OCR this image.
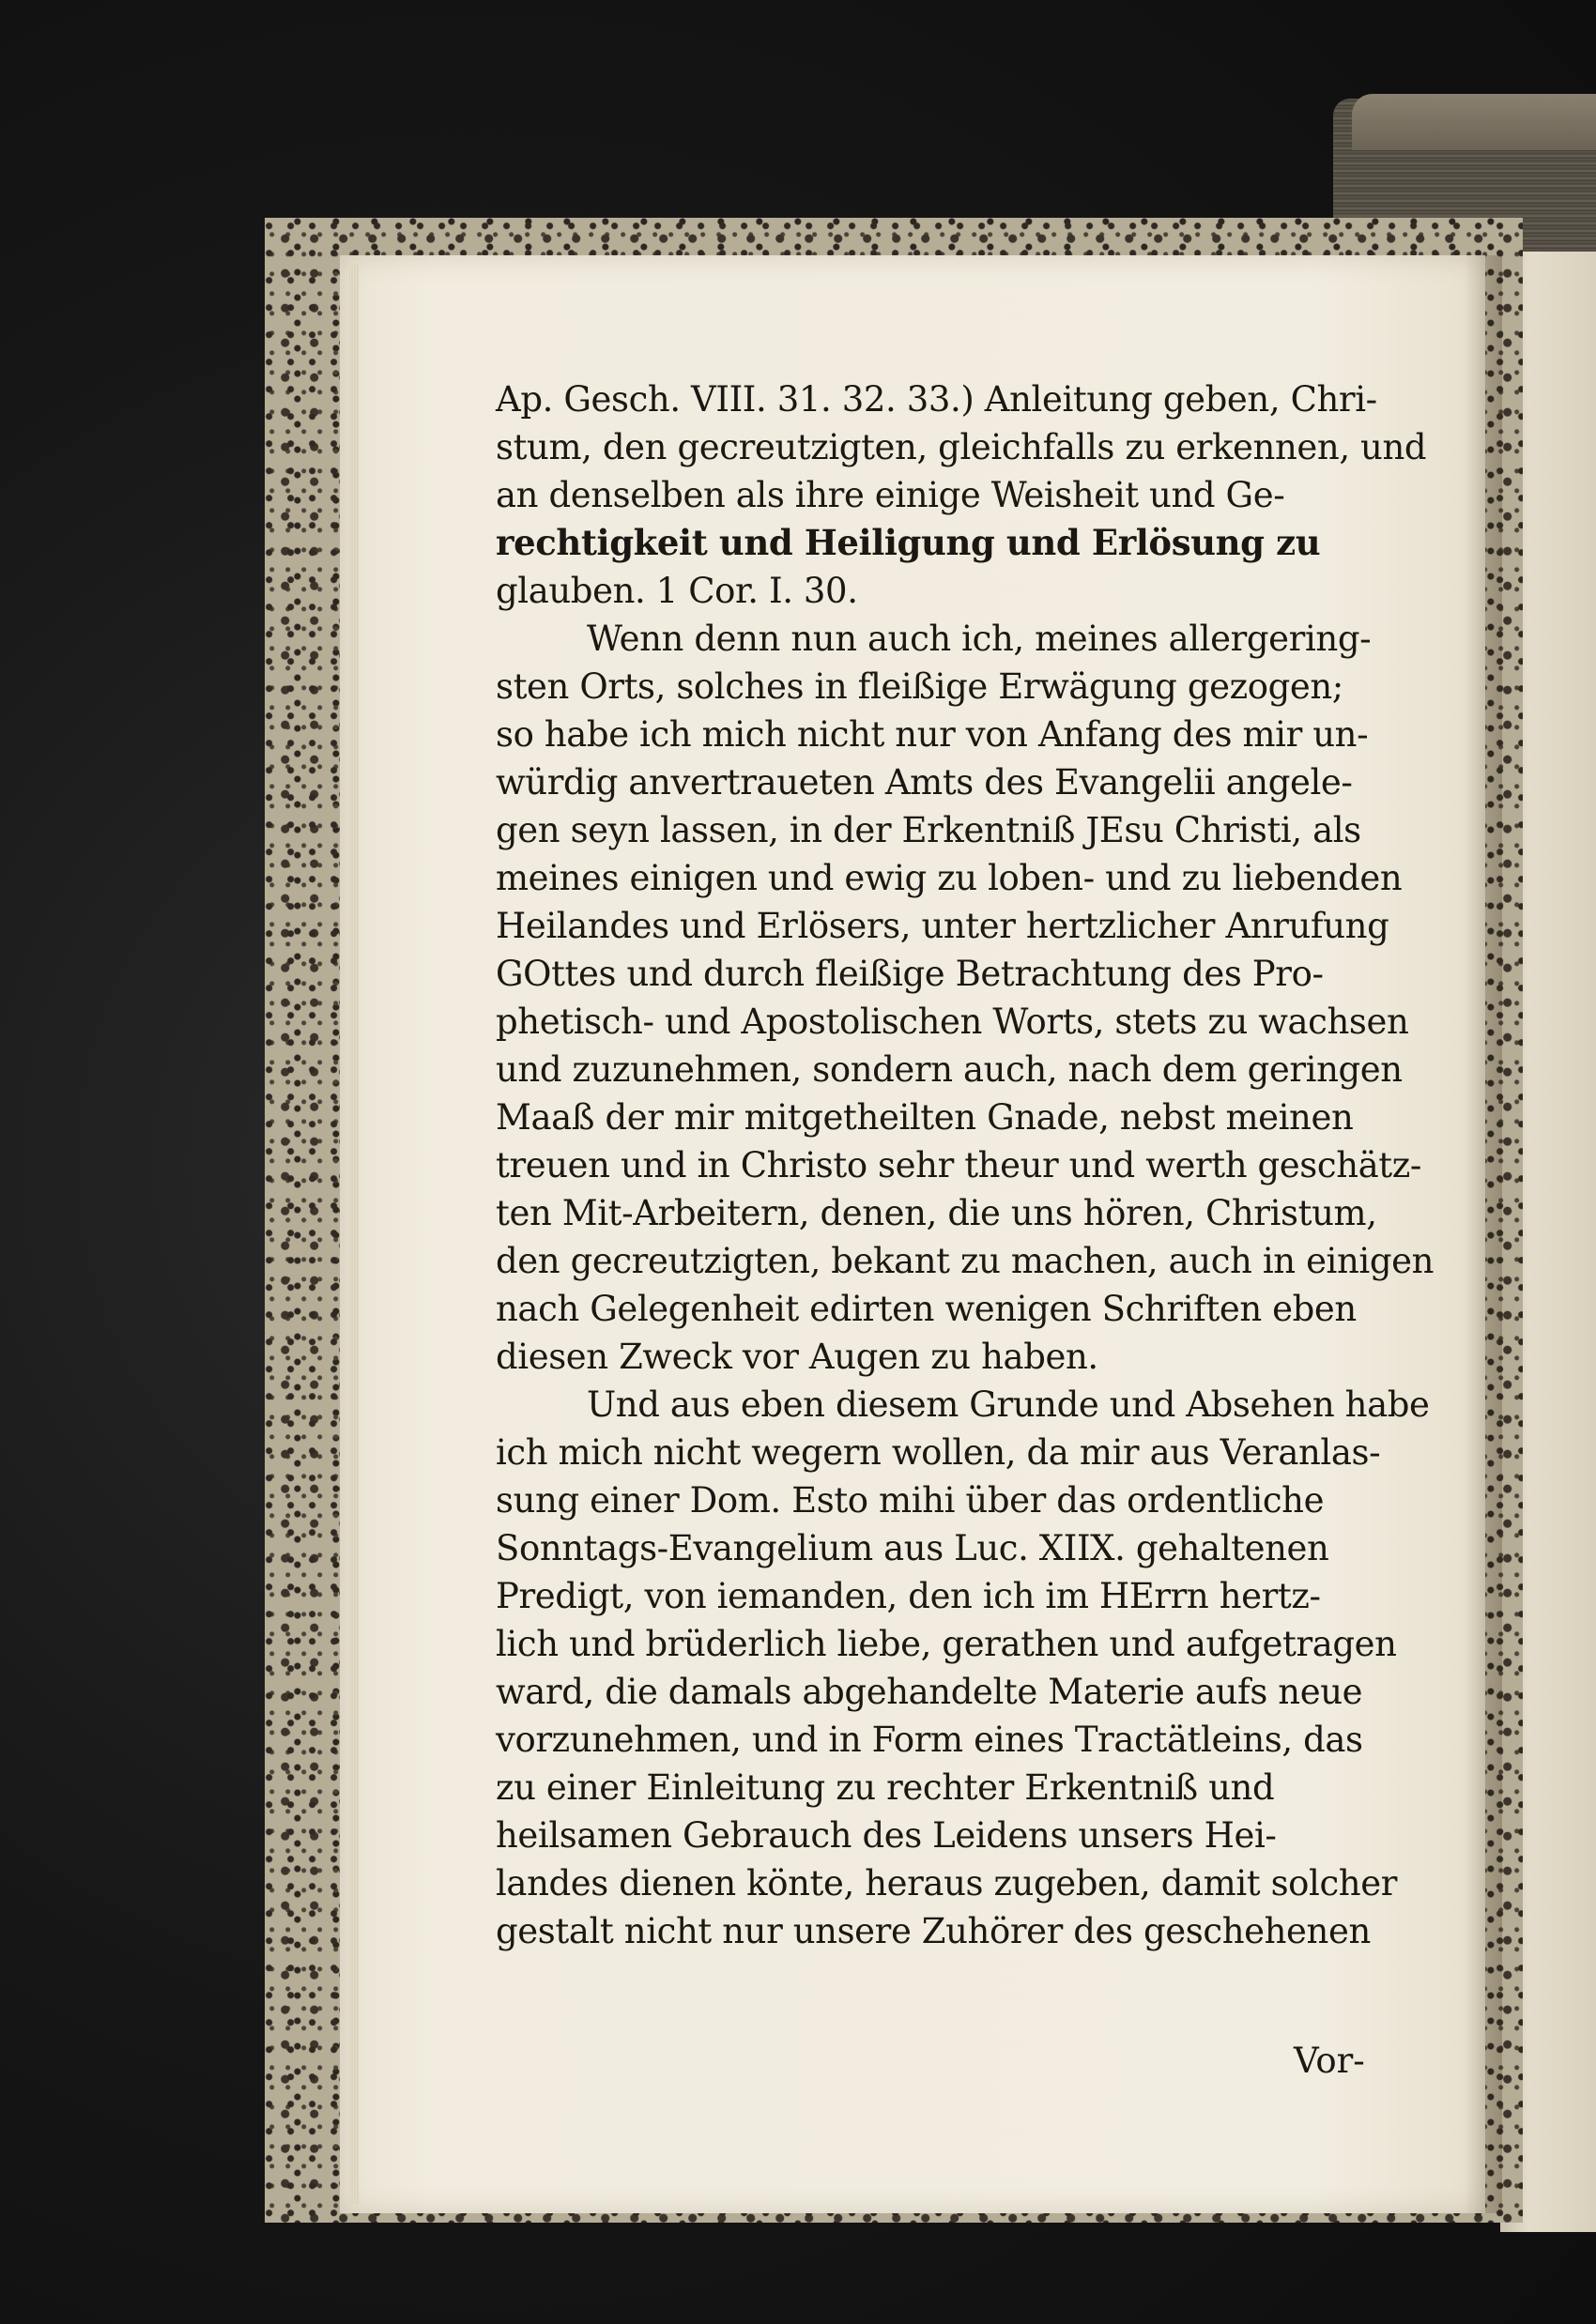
Ap. Gesch. VIII. 31. 32. 33.) Anleitung geben, Chri-
stum, den gecreutzigten, gleichfalls zu erkennen, und
an denselben als ihre einige Weisheit und Ge-
rechtigkeit und Heiligung und Erlösung zu
glauben. 1 Cor. I. 30.
Wenn denn nun auch ich, meines allergering-
sten Orts, solches in fleißige Erwägung gezogen;
so habe ich mich nicht nur von Anfang des mir un-
würdig anvertraueten Amts des Evangelii angele-
gen seyn lassen, in der Erkentniß JEsu Christi, als
meines einigen und ewig zu loben- und zu liebenden
Heilandes und Erlösers, unter hertzlicher Anrufung
GOttes und durch fleißige Betrachtung des Pro-
phetisch- und Apostolischen Worts, stets zu wachsen
und zuzunehmen, sondern auch, nach dem geringen
Maaß der mir mitgetheilten Gnade, nebst meinen
treuen und in Christo sehr theur und werth geschätz-
ten Mit-Arbeitern, denen, die uns hören, Christum,
den gecreutzigten, bekant zu machen, auch in einigen
nach Gelegenheit edirten wenigen Schriften eben
diesen Zweck vor Augen zu haben.
Und aus eben diesem Grunde und Absehen habe
ich mich nicht wegern wollen, da mir aus Veranlas-
sung einer Dom. Esto mihi über das ordentliche
Sonntags-Evangelium aus Luc. XIIX. gehaltenen
Predigt, von iemanden, den ich im HErrn hertz-
lich und brüderlich liebe, gerathen und aufgetragen
ward, die damals abgehandelte Materie aufs neue
vorzunehmen, und in Form eines Tractätleins, das
zu einer Einleitung zu rechter Erkentniß und
heilsamen Gebrauch des Leidens unsers Hei-
landes dienen könte, heraus zugeben, damit solcher
gestalt nicht nur unsere Zuhörer des geschehenen
Vor-
